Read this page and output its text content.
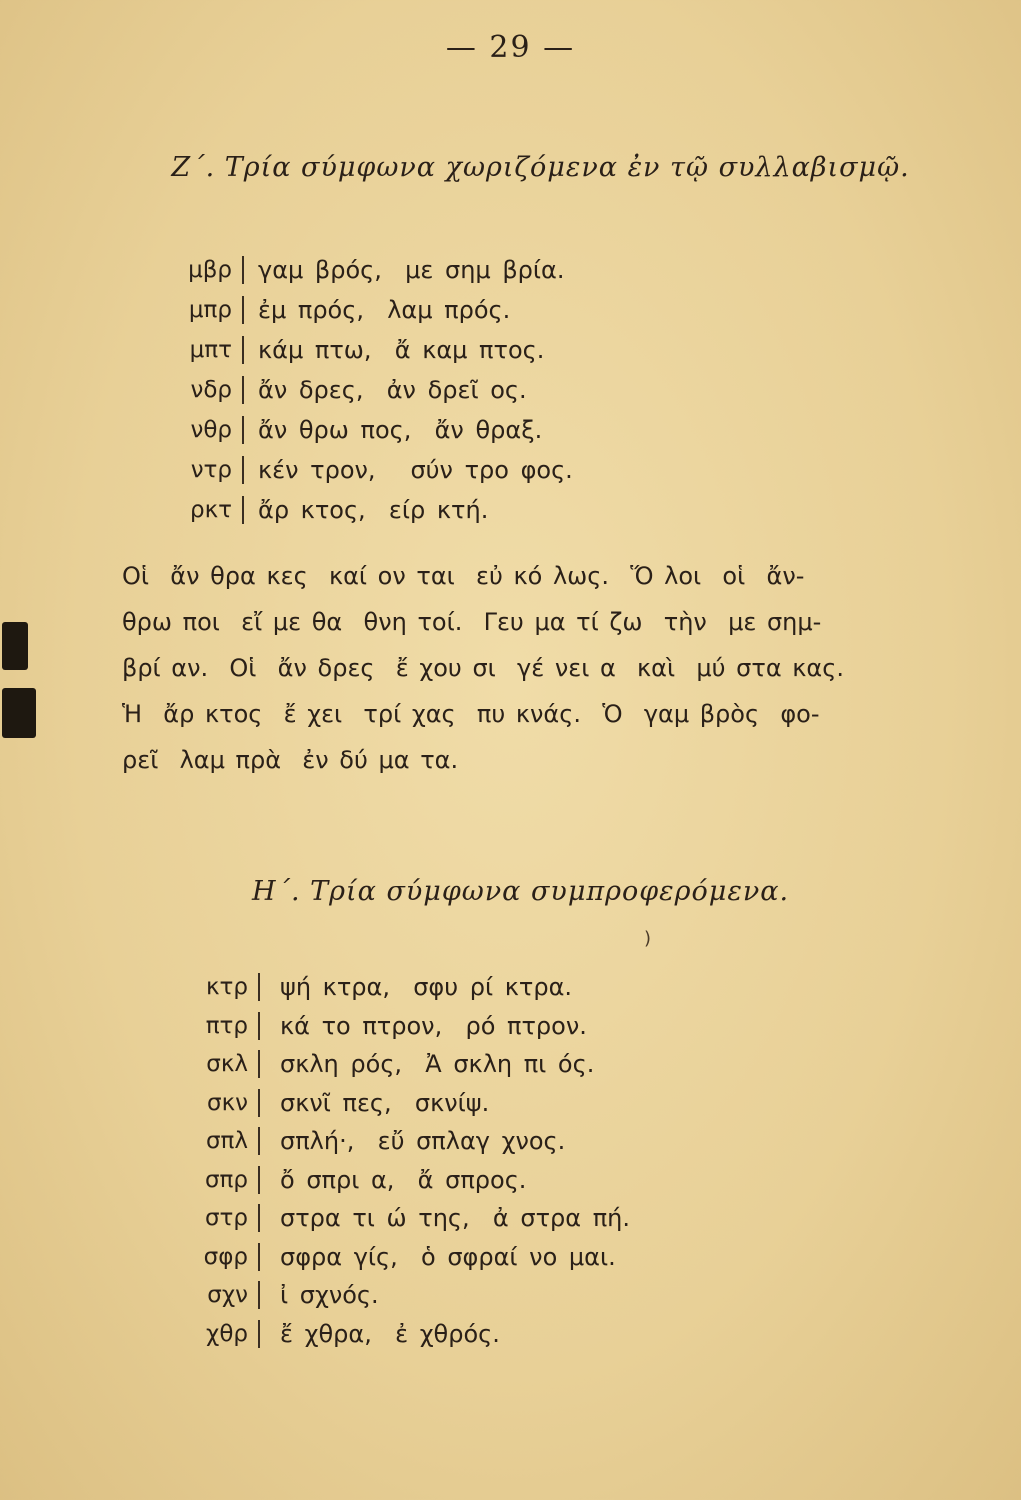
— 29 —
Ζ΄. Τρία σύμφωνα χωριζόμενα ἐν τῷ συλλαβισμῷ.
μβρ	γαμ βρός,  με σημ βρία.
μπρ	ἐμ πρός,  λαμ πρός.
μπτ	κάμ πτω,  ἄ καμ πτος.
νδρ	ἄν δρες,  ἀν δρεῖ ος.
νθρ	ἄν θρω πος,  ἄν θραξ.
ντρ	κέν τρον,   σύν τρο φος.
ρκτ	ἄρ κτος,  είρ κτή.
Οἱ  ἄν θρα κες  καί ον ται  εὐ κό λως.  Ὅ λοι  οἱ  ἄν-
θρω ποι  εἴ με θα  θνη τοί.  Γευ μα τί ζω  τὴν  με σημ-
βρί αν.  Οἱ  ἄν δρες  ἔ χου σι  γέ νει α  καὶ  μύ στα κας.
Ἡ  ἄρ κτος  ἔ χει  τρί χας  πυ κνάς.  Ὁ  γαμ βρὸς  φο-
ρεῖ  λαμ πρὰ  ἐν δύ μα τα.
Η΄. Τρία σύμφωνα συμπροφερόμενα.
κτρ	ψή κτρα,  σφυ ρί κτρα.
πτρ	κά το πτρον,  ρό πτρον.
σκλ	σκλη ρός,  Ἀ σκλη πι ός.
σκν	σκνῖ πες,  σκνίψ.
σπλ	σπλή·,  εὔ σπλαγ χνος.
σπρ	ὄ σπρι α,  ἄ σπρος.
στρ	στρα τι ώ της,  ἀ στρα πή.
σφρ	σφρα γίς,  ὁ σφραί νο μαι.
σχν	ἰ σχνός.
χθρ	ἔ χθρα,  ἐ χθρός.
)
